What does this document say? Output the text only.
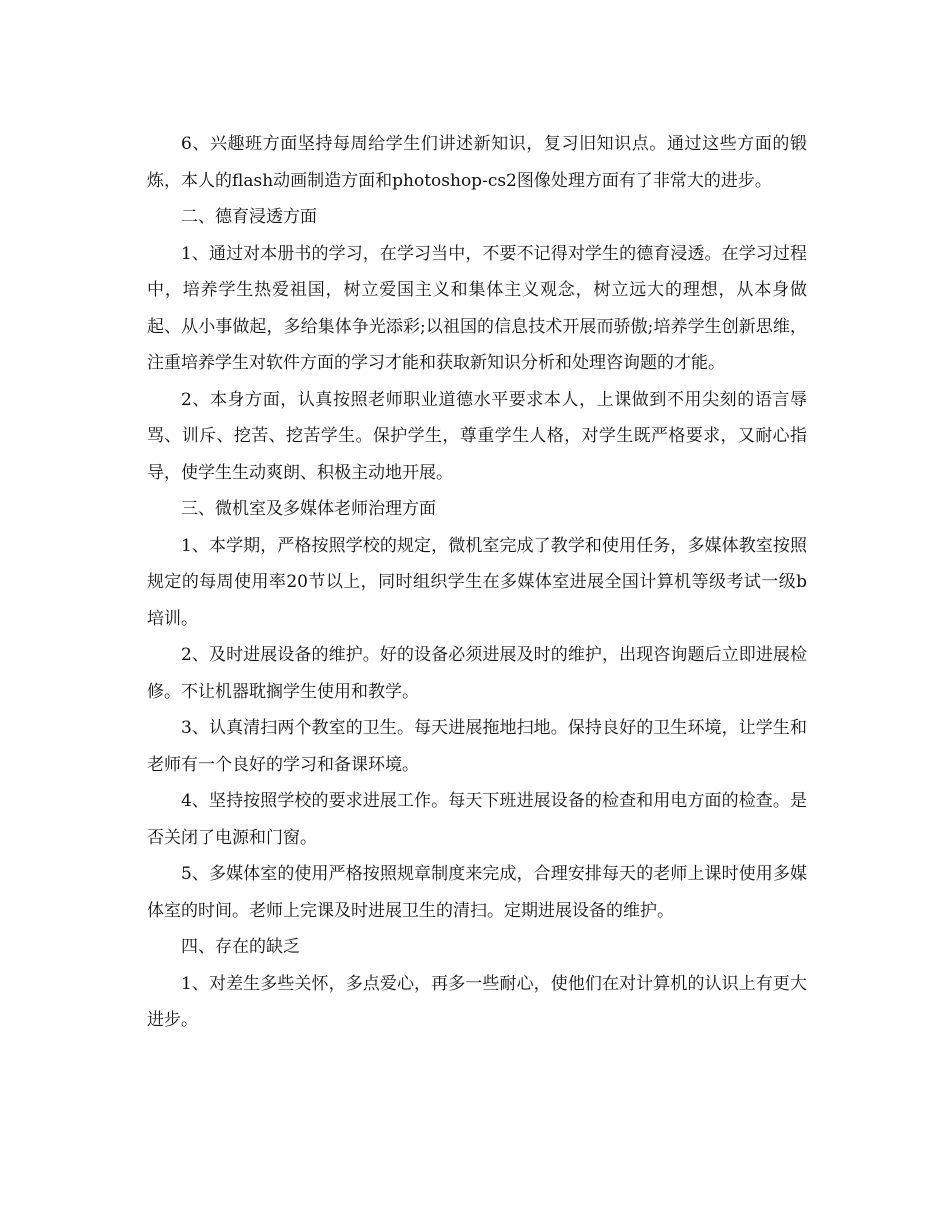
6、兴趣班方面坚持每周给学生们讲述新知识，复习旧知识点。通过这些方面的锻炼，本人的flash动画制造方面和photoshop-cs2图像处理方面有了非常大的进步。

二、德育浸透方面

1、通过对本册书的学习，在学习当中，不要不记得对学生的德育浸透。在学习过程中，培养学生热爱祖国，树立爱国主义和集体主义观念，树立远大的理想，从本身做起、从小事做起，多给集体争光添彩;以祖国的信息技术开展而骄傲;培养学生创新思维，注重培养学生对软件方面的学习才能和获取新知识分析和处理咨询题的才能。

2、本身方面，认真按照老师职业道德水平要求本人，上课做到不用尖刻的语言辱骂、训斥、挖苦、挖苦学生。保护学生，尊重学生人格，对学生既严格要求，又耐心指导，使学生生动爽朗、积极主动地开展。

三、微机室及多媒体老师治理方面

1、本学期，严格按照学校的规定，微机室完成了教学和使用任务，多媒体教室按照规定的每周使用率20节以上，同时组织学生在多媒体室进展全国计算机等级考试一级b培训。

2、及时进展设备的维护。好的设备必须进展及时的维护，出现咨询题后立即进展检修。不让机器耽搁学生使用和教学。

3、认真清扫两个教室的卫生。每天进展拖地扫地。保持良好的卫生环境，让学生和老师有一个良好的学习和备课环境。

4、坚持按照学校的要求进展工作。每天下班进展设备的检查和用电方面的检查。是否关闭了电源和门窗。

5、多媒体室的使用严格按照规章制度来完成，合理安排每天的老师上课时使用多媒体室的时间。老师上完课及时进展卫生的清扫。定期进展设备的维护。

四、存在的缺乏

1、对差生多些关怀，多点爱心，再多一些耐心，使他们在对计算机的认识上有更大进步。
